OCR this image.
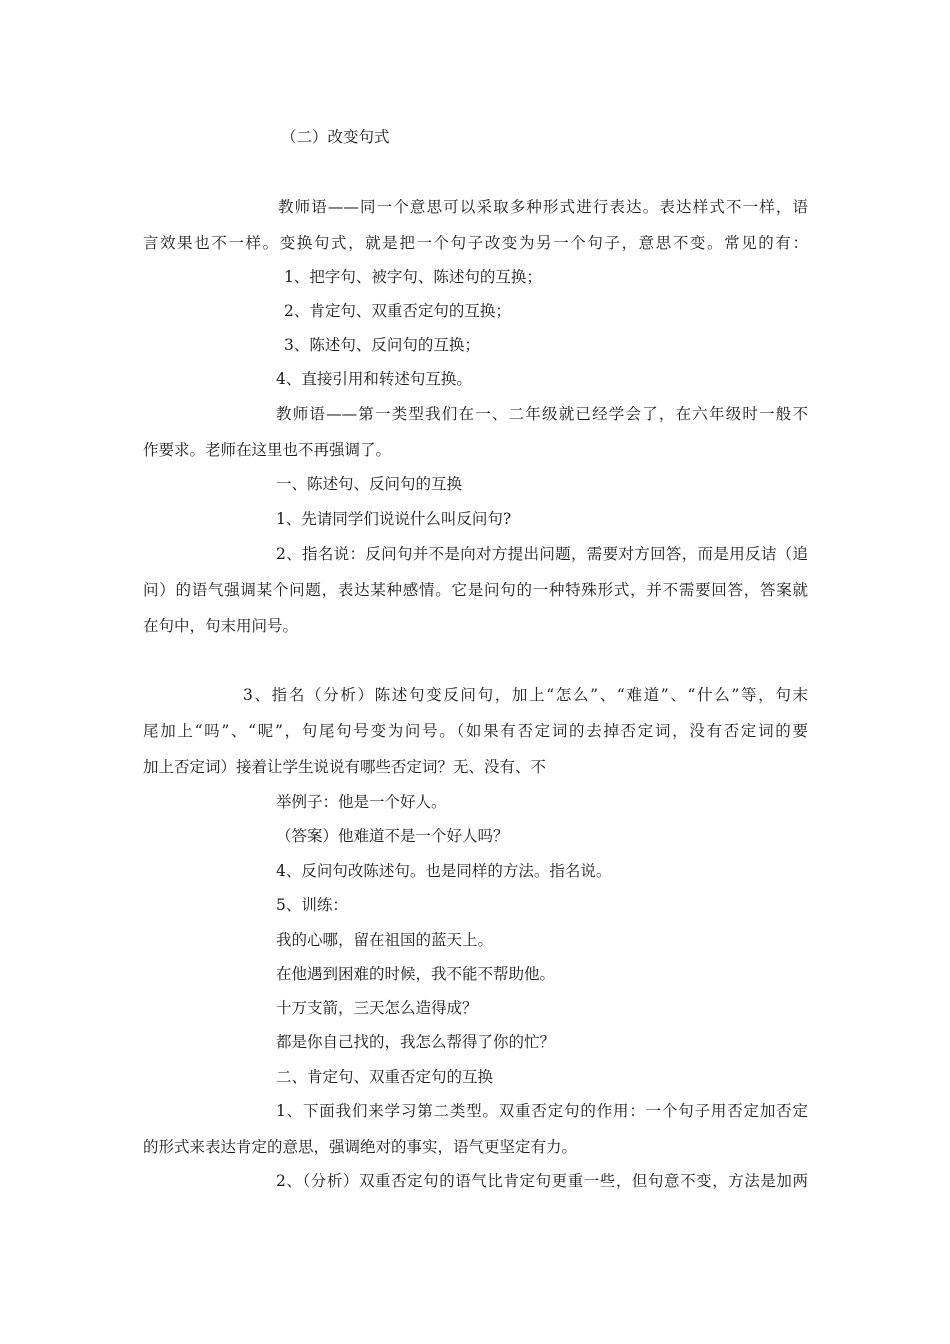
（二）改变句式
教师语——同一个意思可以采取多种形式进行表达。表达样式不一样，语
言效果也不一样。变换句式，就是把一个句子改变为另一个句子，意思不变。常见的有：
1、把字句、被字句、陈述句的互换；
2、肯定句、双重否定句的互换；
3、陈述句、反问句的互换；
4、直接引用和转述句互换。
教师语——第一类型我们在一、二年级就已经学会了，在六年级时一般不
作要求。老师在这里也不再强调了。
一、陈述句、反问句的互换
1、先请同学们说说什么叫反问句?
2、指名说：反问句并不是向对方提出问题，需要对方回答，而是用反诘（追
问）的语气强调某个问题，表达某种感情。它是问句的一种特殊形式，并不需要回答，答案就
在句中，句末用问号。
3、指名（分析）陈述句变反问句，加上“怎么”、“难道”、“什么”等，句末
尾加上“吗”、“呢”，句尾句号变为问号。（如果有否定词的去掉否定词，没有否定词的要
加上否定词）接着让学生说说有哪些否定词？无、没有、不
举例子：他是一个好人。
（答案）他难道不是一个好人吗？
4、反问句改陈述句。也是同样的方法。指名说。
5、训练：
我的心哪，留在祖国的蓝天上。
在他遇到困难的时候，我不能不帮助他。
十万支箭，三天怎么造得成？
都是你自己找的，我怎么帮得了你的忙？
二、肯定句、双重否定句的互换
1、下面我们来学习第二类型。双重否定句的作用：一个句子用否定加否定
的形式来表达肯定的意思，强调绝对的事实，语气更坚定有力。
2、（分析）双重否定句的语气比肯定句更重一些，但句意不变，方法是加两
